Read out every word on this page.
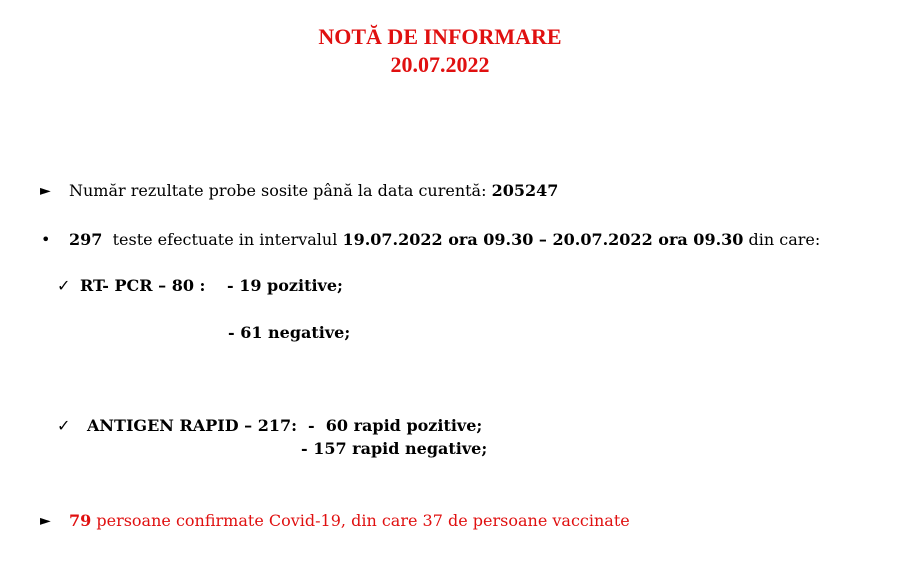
NOTĂ DE INFORMARE
20.07.2022
► Număr rezultate probe sosite până la data curentă: 205247
• 297  teste efectuate in intervalul 19.07.2022 ora 09.30 – 20.07.2022 ora 09.30 din care:
✓ RT- PCR – 80 : - 19 pozitive;
- 61 negative;
✓ ANTIGEN RAPID – 217: -  60 rapid pozitive;
- 157 rapid negative;
► 79 persoane confirmate Covid-19, din care 37 de persoane vaccinate
